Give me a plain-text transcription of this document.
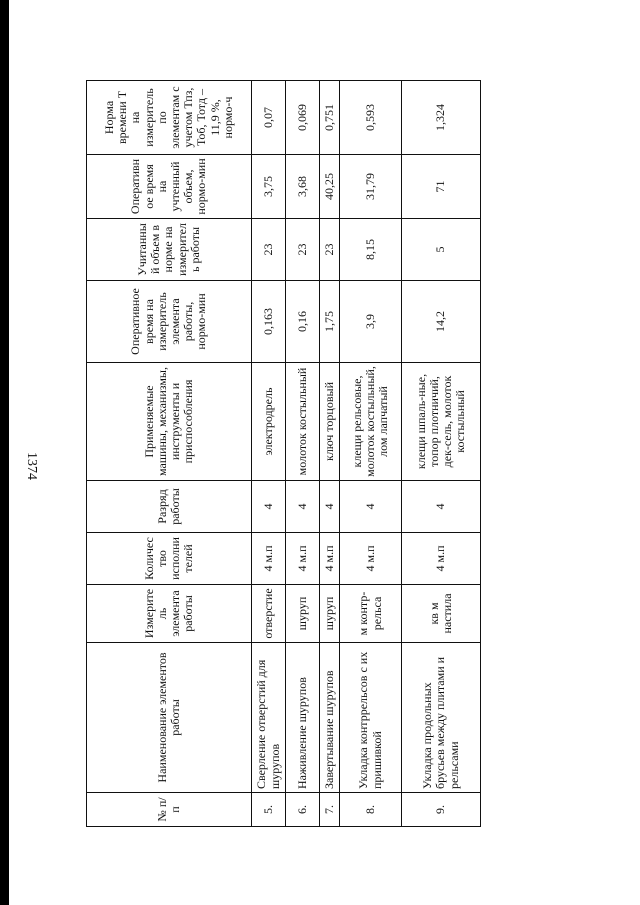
1374
№ п/п	Наименование элементов работы	Измеритель элемента работы	Количество исполнителей	Разряд работы	Применяемые машины, механизмы, инструменты и приспособления	Оперативное время на измеритель элемента работы, нормо-мин	Учитанный объем в норме на измеритель работы	Оперативное время на учтенный объем, нормо-мин	Норма времени Т на измеритель по элементам с учетом Тпз, Тоб, Тотд – 11,9 %, нормо-ч
5.	Сверление отверстий для шурупов	отверстие	4 м.п	4	электродрель	0,163	23	3,75	0,07
6.	Наживление шурупов	шуруп	4 м.п	4	молоток костыльный	0,16	23	3,68	0,069
7.	Завертывание шурупов	шуруп	4 м.п	4	ключ торцовый	1,75	23	40,25	0,751
8.	Укладка контррельсов с их пришивкой	м контр-рельса	4 м.п	4	клещи рельсовые, молоток костыльный, лом лапчатый	3,9	8,15	31,79	0,593
9.	Укладка продольных брусьев между плитами и рельсами	кв м настила	4 м.п	4	клещи шпаль-ные, топор плотничий, дек-сель, молоток костыльный	14,2	5	71	1,324
